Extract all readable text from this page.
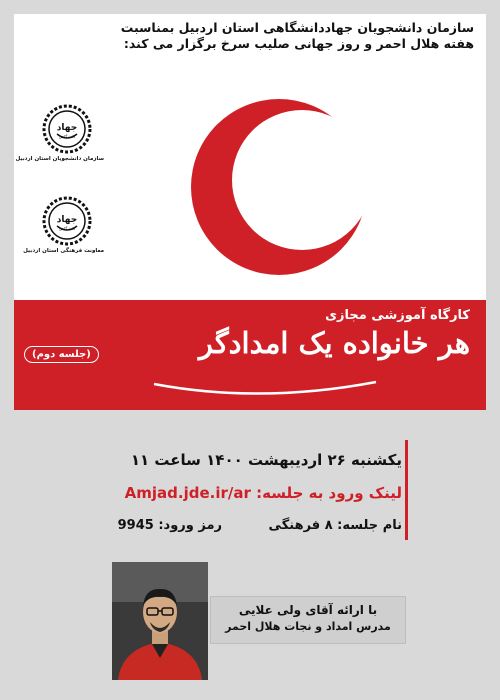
سازمان دانشجویان جهاددانشگاهی استان اردبیل بمناسبت
هفته هلال احمر و روز جهانی صلیب سرخ برگزار می کند:
جهاد
دانشگاهی
سازمان دانشجویان استان اردبیل
جهاد
دانشگاهی
معاونت فرهنگی استان اردبیل
کارگاه آموزشی مجازی
هر خانواده یک امدادگر
(جلسه دوم)
یکشنبه ۲۶ اردیبهشت ۱۴۰۰ ساعت ۱۱
لینک ورود به جلسه: Amjad.jde.ir/ar
نام جلسه: ۸ فرهنگی رمز ورود: 9945
با ارائه آقای ولی علایی
مدرس امداد و نجات هلال احمر
